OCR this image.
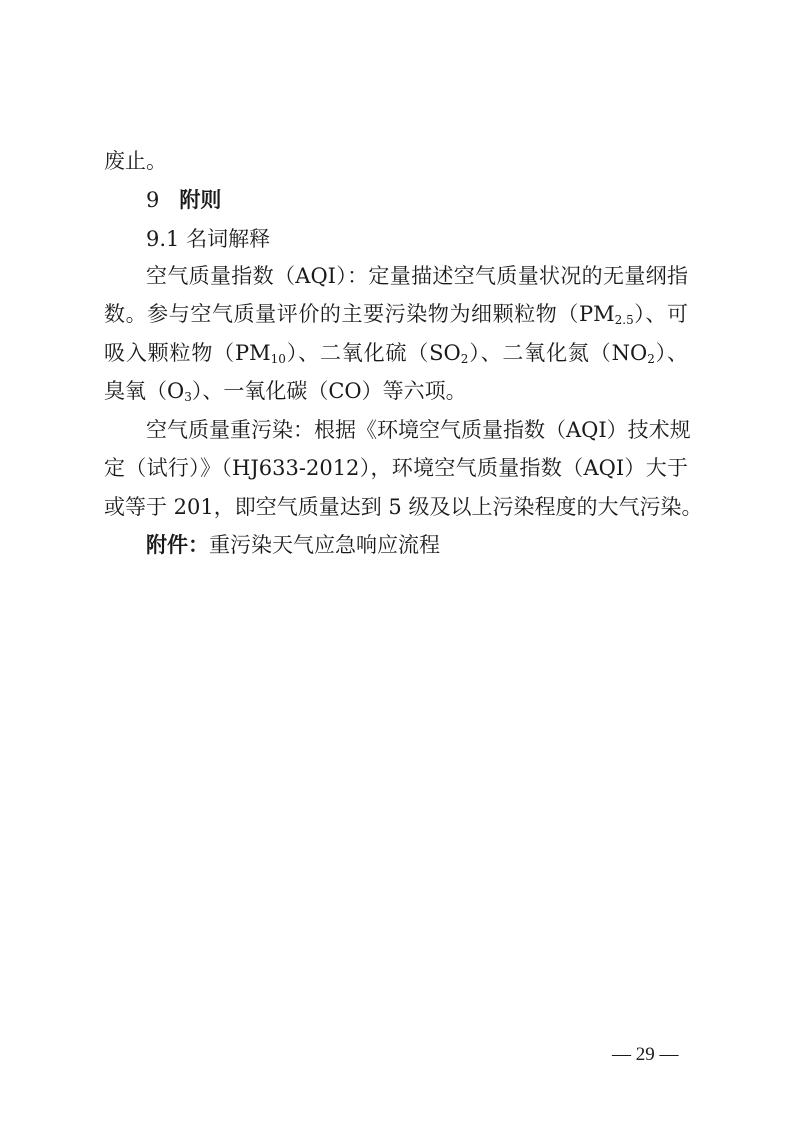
废止。
9 附则
9.1 名词解释
空气质量指数（AQI）：定量描述空气质量状况的无量纲指
数。参与空气质量评价的主要污染物为细颗粒物$(PM_{2.5})$、可
吸入颗粒物$(PM_{10})$、二氧化硫$(SO_2)$、二氧化氮$(NO_2)$、
臭氧$(O_3)$、一氧化碳（CO）等六项。
空气质量重污染：根据《环境空气质量指数（AQI）技术规
定（试行）》（HJ633-2012），环境空气质量指数（AQI）大于
或等于 201，即空气质量达到 5 级及以上污染程度的大气污染。
附件：重污染天气应急响应流程
— 29 —
